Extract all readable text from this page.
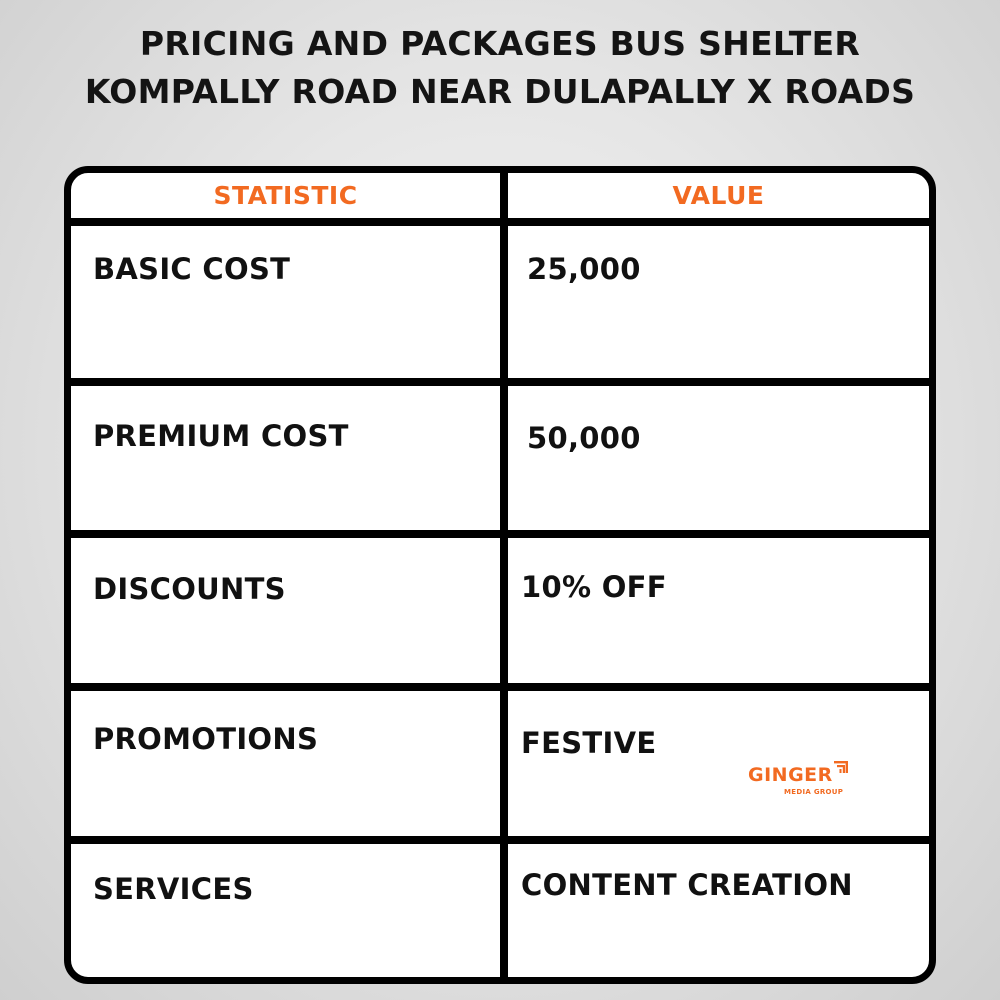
PRICING AND PACKAGES BUS SHELTER
KOMPALLY ROAD NEAR DULAPALLY X ROADS
STATISTIC	VALUE
BASIC COST	25,000
PREMIUM COST	50,000
DISCOUNTS	10% OFF
PROMOTIONS	FESTIVE
SERVICES	CONTENT CREATION
GINGER
MEDIA GROUP
